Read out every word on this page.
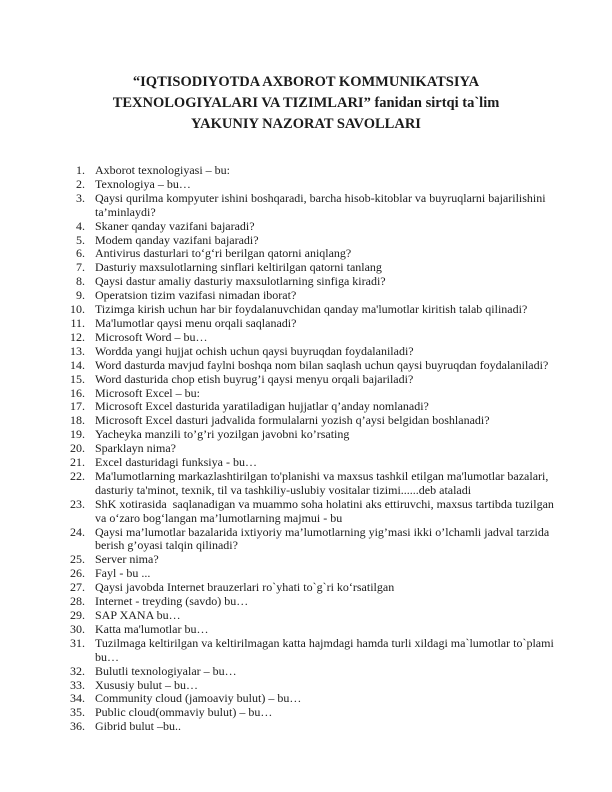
“IQTISODIYOTDA AXBOROT KOMMUNIKATSIYA
TEXNOLOGIYALARI VA TIZIMLARI” fanidan sirtqi ta`lim
YAKUNIY NAZORAT SAVOLLARI
1. Axborot texnologiyasi – bu:
2. Texnologiya – bu…
3. Qaysi qurilma kompyuter ishini boshqaradi, barcha hisob-kitoblar va buyruqlarni bajarilishini ta’minlaydi?
4. Skaner qanday vazifani bajaradi?
5. Modem qanday vazifani bajaradi?
6. Antivirus dasturlari toʻgʻri berilgan qatorni aniqlang?
7. Dasturiy maxsulotlarning sinflari keltirilgan qatorni tanlang
8. Qaysi dastur amaliy dasturiy maxsulotlarning sinfiga kiradi?
9. Operatsion tizim vazifasi nimadan iborat?
10. Tizimga kirish uchun har bir foydalanuvchidan qanday ma'lumotlar kiritish talab qilinadi?
11. Ma'lumotlar qaysi menu orqali saqlanadi?
12. Microsoft Word – bu…
13. Wordda yangi hujjat ochish uchun qaysi buyruqdan foydalaniladi?
14. Word dasturda mavjud faylni boshqa nom bilan saqlash uchun qaysi buyruqdan foydalaniladi?
15. Word dasturida chop etish buyrug’i qaysi menyu orqali bajariladi?
16. Microsoft Excel – bu:
17. Microsoft Excel dasturida yaratiladigan hujjatlar q’anday nomlanadi?
18. Microsoft Excel dasturi jadvalida formulalarni yozish q’aysi belgidan boshlanadi?
19. Yacheyka manzili to’g’ri yozilgan javobni ko’rsating
20. Sparklayn nima?
21. Excel dasturidagi funksiya - bu…
22. Ma'lumotlarning markazlashtirilgan to'planishi va maxsus tashkil etilgan ma'lumotlar bazalari, dasturiy ta'minot, texnik, til va tashkiliy-uslubiy vositalar tizimi......deb ataladi
23. ShK xotirasida  saqlanadigan va muammo soha holatini aks ettiruvchi, maxsus tartibda tuzilgan va oʻzaro bogʻlangan ma’lumotlarning majmui - bu
24. Qaysi ma’lumotlar bazalarida ixtiyoriy ma’lumotlarning yig’masi ikki o’lchamli jadval tarzida berish g’oyasi talqin qilinadi?
25. Server nima?
26. Fayl - bu ...
27. Qaysi javobda Internet brauzerlari ro`yhati to`g`ri koʻrsatilgan
28. Internet - treyding (savdo) bu…
29. SAP XANA bu…
30. Katta ma'lumotlar bu…
31. Tuzilmaga keltirilgan va keltirilmagan katta hajmdagi hamda turli xildagi ma`lumotlar to`plami bu…
32. Bulutli texnologiyalar – bu…
33. Xususiy bulut – bu…
34. Community cloud (jamoaviy bulut) – bu…
35. Public cloud(ommaviy bulut) – bu…
36. Gibrid bulut –bu..
